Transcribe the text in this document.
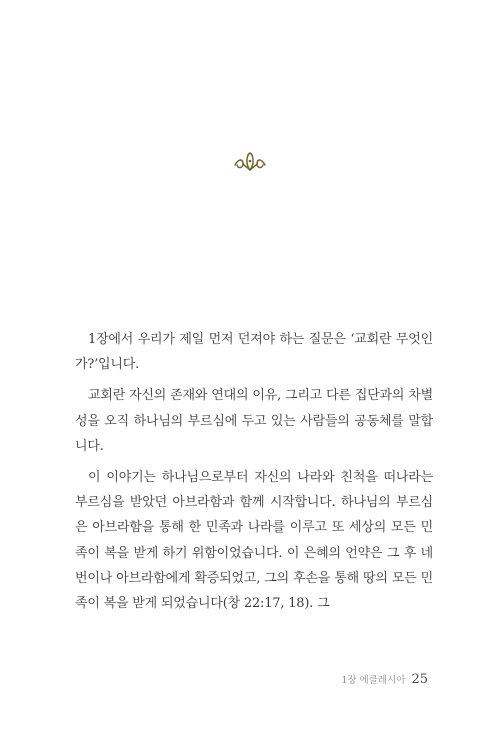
1장에서 우리가 제일 먼저 던져야 하는 질문은 ‘교회란 무엇인가?’입니다.

교회란 자신의 존재와 연대의 이유, 그리고 다른 집단과의 차별성을 오직 하나님의 부르심에 두고 있는 사람들의 공동체를 말합니다.

이 이야기는 하나님으로부터 자신의 나라와 친척을 떠나라는 부르심을 받았던 아브라함과 함께 시작합니다. 하나님의 부르심은 아브라함을 통해 한 민족과 나라를 이루고 또 세상의 모든 민족이 복을 받게 하기 위함이었습니다. 이 은혜의 언약은 그 후 네 번이나 아브라함에게 확증되었고, 그의 후손을 통해 땅의 모든 민족이 복을 받게 되었습니다(창 22:17, 18). 그

1장 에클레시아 25
